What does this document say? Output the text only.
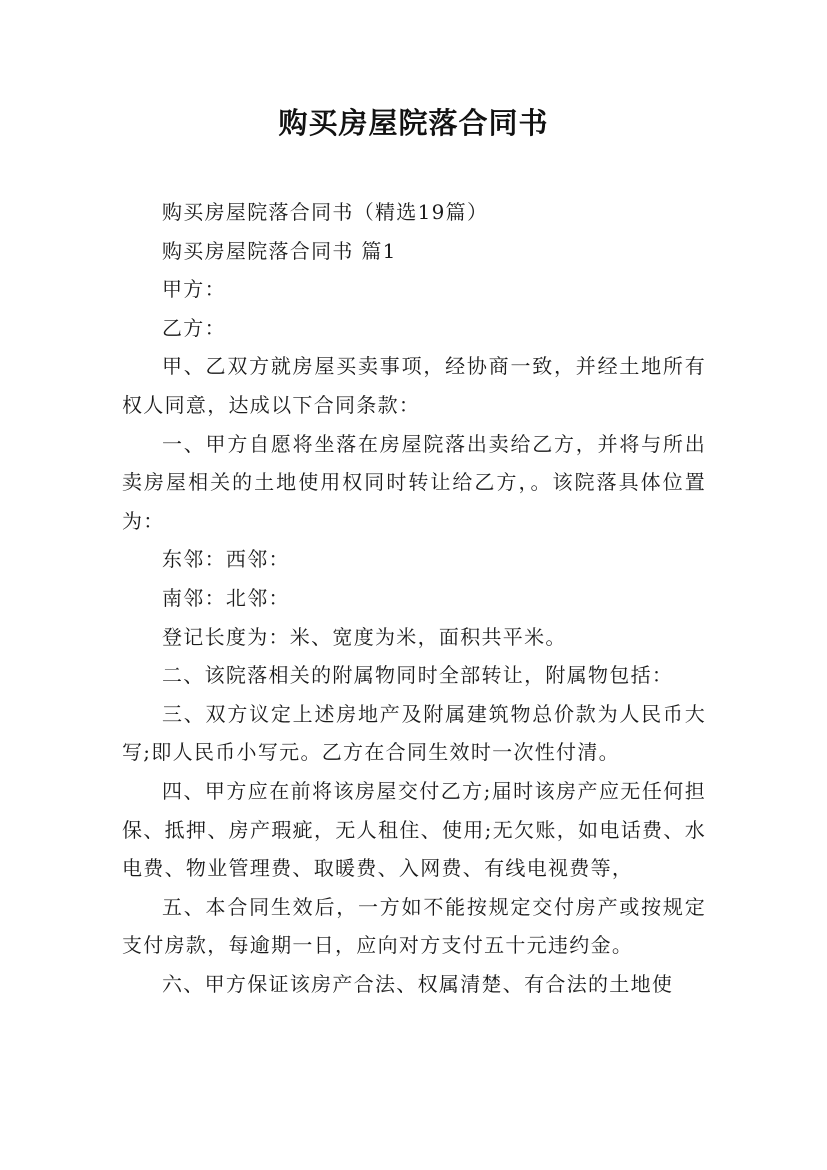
购买房屋院落合同书

购买房屋院落合同书（精选19篇）

购买房屋院落合同书 篇1

甲方：

乙方：

甲、乙双方就房屋买卖事项，经协商一致，并经土地所有权人同意，达成以下合同条款：

一、甲方自愿将坐落在房屋院落出卖给乙方，并将与所出卖房屋相关的土地使用权同时转让给乙方，。该院落具体位置为：

东邻：西邻：

南邻：北邻：

登记长度为：米、宽度为米，面积共平米。

二、该院落相关的附属物同时全部转让，附属物包括：

三、双方议定上述房地产及附属建筑物总价款为人民币大写;即人民币小写元。乙方在合同生效时一次性付清。

四、甲方应在前将该房屋交付乙方;届时该房产应无任何担保、抵押、房产瑕疵，无人租住、使用;无欠账，如电话费、水电费、物业管理费、取暖费、入网费、有线电视费等，

五、本合同生效后，一方如不能按规定交付房产或按规定支付房款，每逾期一日，应向对方支付五十元违约金。

六、甲方保证该房产合法、权属清楚、有合法的土地使
